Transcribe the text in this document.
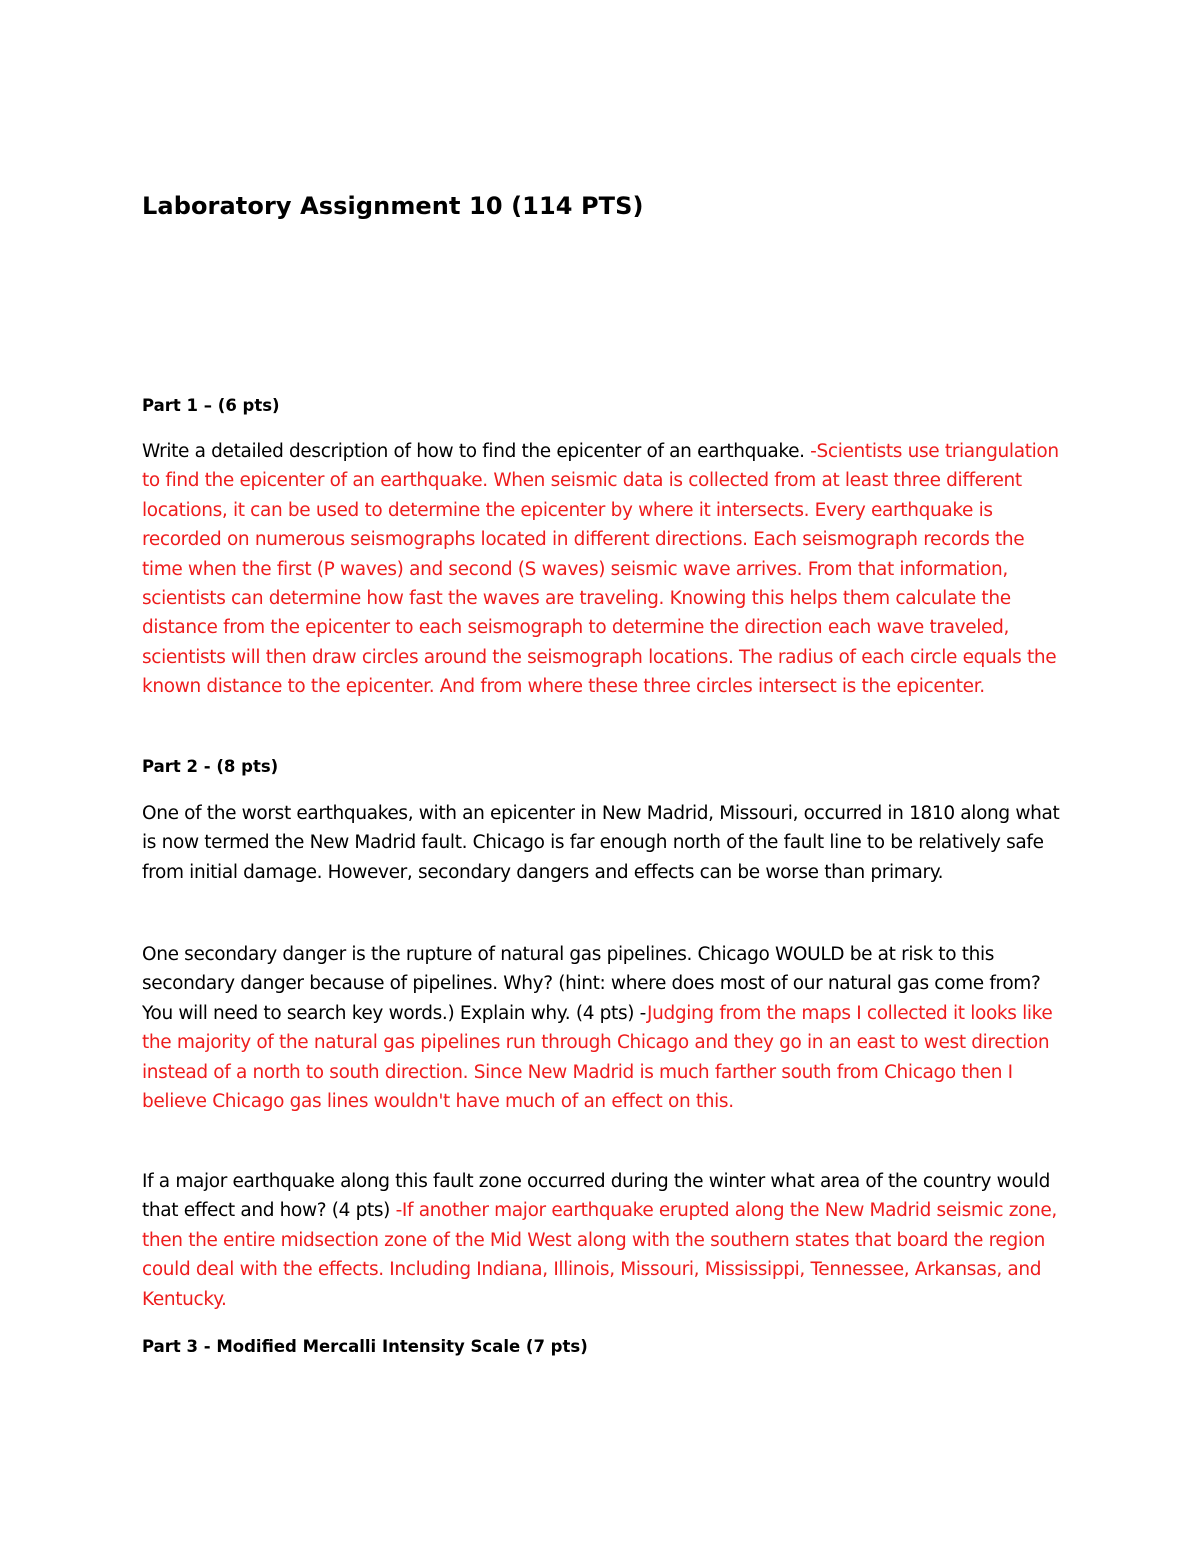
Laboratory Assignment 10 (114 PTS)
Part 1 – (6 pts)

Write a detailed description of how to find the epicenter of an earthquake. -Scientists use triangulation to find the epicenter of an earthquake. When seismic data is collected from at least three different locations, it can be used to determine the epicenter by where it intersects. Every earthquake is recorded on numerous seismographs located in different directions. Each seismograph records the time when the first (P waves) and second (S waves) seismic wave arrives. From that information, scientists can determine how fast the waves are traveling. Knowing this helps them calculate the distance from the epicenter to each seismograph to determine the direction each wave traveled, scientists will then draw circles around the seismograph locations. The radius of each circle equals the known distance to the epicenter. And from where these three circles intersect is the epicenter.

Part 2 - (8 pts)

One of the worst earthquakes, with an epicenter in New Madrid, Missouri, occurred in 1810 along what is now termed the New Madrid fault. Chicago is far enough north of the fault line to be relatively safe from initial damage. However, secondary dangers and effects can be worse than primary.

One secondary danger is the rupture of natural gas pipelines. Chicago WOULD be at risk to this secondary danger because of pipelines. Why? (hint: where does most of our natural gas come from? You will need to search key words.) Explain why. (4 pts) -Judging from the maps I collected it looks like the majority of the natural gas pipelines run through Chicago and they go in an east to west direction instead of a north to south direction. Since New Madrid is much farther south from Chicago then I believe Chicago gas lines wouldn't have much of an effect on this.

If a major earthquake along this fault zone occurred during the winter what area of the country would that effect and how? (4 pts) -If another major earthquake erupted along the New Madrid seismic zone, then the entire midsection zone of the Mid West along with the southern states that board the region could deal with the effects. Including Indiana, Illinois, Missouri, Mississippi, Tennessee, Arkansas, and Kentucky.

Part 3 - Modified Mercalli Intensity Scale (7 pts)
